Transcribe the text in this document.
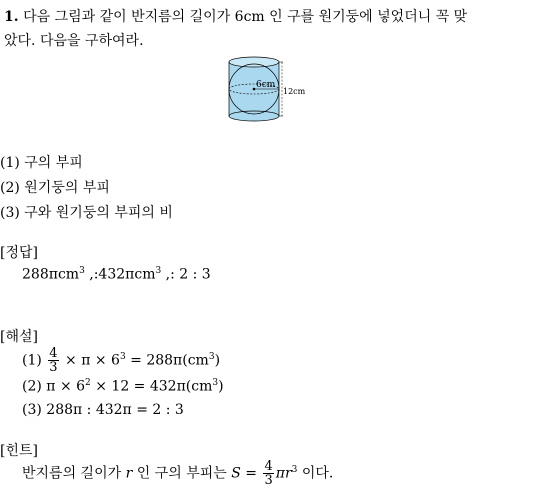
1. 다음 그림과 같이 반지름의 길이가 6cm 인 구를 원기둥에 넣었더니 꼭 맞
았다. 다음을 구하여라.
6cm
12cm
(1) 구의 부피
(2) 원기둥의 부피
(3) 구와 원기둥의 부피의 비
[정답]
288πcm$^3$ ,:432πcm$^3$ ,: 2 : 3
[해설]
$(1) \frac{4}{3} \times \pi \times 6^3 = 288\pi(cm^3)$
(2) $\pi \times 6^2 \times 12 = 432\pi(cm^3)$
(3) 288π : 432π = 2 : 3
[힌트]
반지름의 길이가 r 인 구의 부피는 $S = \frac{4}{3} \pi r^3$ 이다.
